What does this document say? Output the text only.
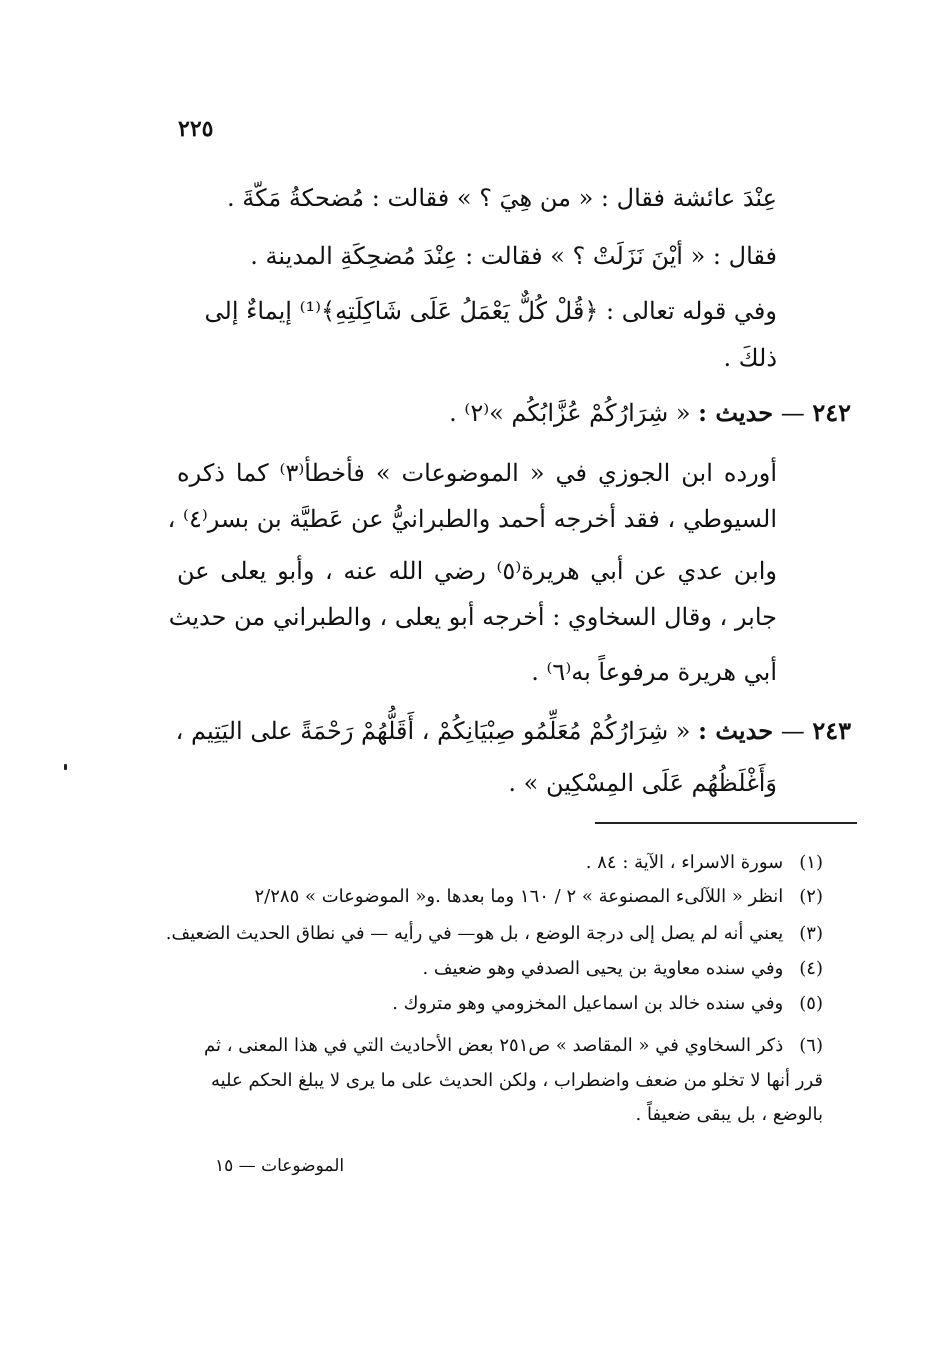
٢٢٥
عِنْدَ عائشة فقال : « من هِيَ ؟ » فقالت : مُضحكةُ مَكّةَ .
فقال : « أيْنَ نَزَلَتْ ؟ » فقالت : عِنْدَ مُضحِكَةِ المدينة .
وفي قوله تعالى : ﴿قُلْ كُلٌّ يَعْمَلُ عَلَى شَاكِلَتِهِ﴾⁽¹⁾ إيماءٌ إلى
ذلكَ .
٢٤٢ — حديث : « شِرَارُكُمْ عُزَّابُكُم »⁽٢⁾ .
أورده ابن الجوزي في « الموضوعات » فأخطأ⁽٣⁾ كما ذكره
السيوطي ، فقد أخرجه أحمد والطبرانيُّ عن عَطيَّة بن بسر⁽٤⁾ ،
وابن عدي عن أبي هريرة⁽٥⁾ رضي الله عنه ، وأبو يعلى عن
جابر ، وقال السخاوي : أخرجه أبو يعلى ، والطبراني من حديث
أبي هريرة مرفوعاً به⁽٦⁾ .
٢٤٣ — حديث : « شِرَارُكُمْ مُعَلِّمُو صِبْيَانِكُمْ ، أَقَلُّهُمْ رَحْمَةً على اليَتِيم ،
وَأَغْلَظُهُم عَلَى المِسْكِين » .
(١) سورة الاسراء ، الآية : ٨٤ .
(٢) انظر « اللآلىء المصنوعة » ٢ / ١٦٠ وما بعدها .و« الموضوعات » ٢/٢٨٥
(٣) يعني أنه لم يصل إلى درجة الوضع ، بل هو— في رأيه — في نطاق الحديث الضعيف.
(٤) وفي سنده معاوية بن يحيى الصدفي وهو ضعيف .
(٥) وفي سنده خالد بن اسماعيل المخزومي وهو متروك .
(٦) ذكر السخاوي في « المقاصد » ص٢٥١ بعض الأحاديث التي في هذا المعنى ، ثم
قرر أنها لا تخلو من ضعف واضطراب ، ولكن الحديث على ما يرى لا يبلغ الحكم عليه
بالوضع ، بل يبقى ضعيفاً .
الموضوعات — ١٥
